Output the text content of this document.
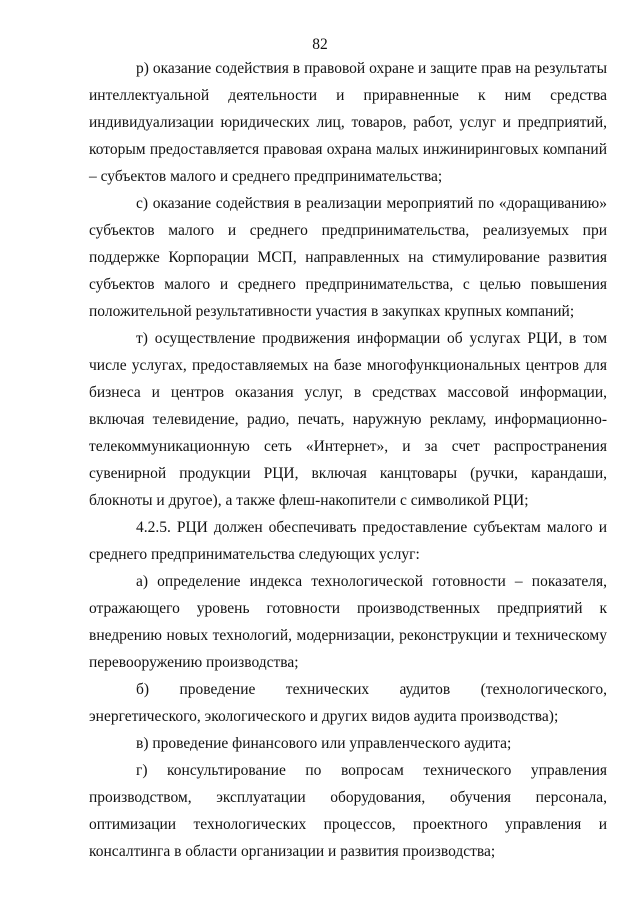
82

р) оказание содействия в правовой охране и защите прав на результаты интеллектуальной деятельности и приравненные к ним средства индивидуализации юридических лиц, товаров, работ, услуг и предприятий, которым предоставляется правовая охрана малых инжиниринговых компаний – субъектов малого и среднего предпринимательства;

с) оказание содействия в реализации мероприятий по «доращиванию» субъектов малого и среднего предпринимательства, реализуемых при поддержке Корпорации МСП, направленных на стимулирование развития субъектов малого и среднего предпринимательства, с целью повышения положительной результативности участия в закупках крупных компаний;

т) осуществление продвижения информации об услугах РЦИ, в том числе услугах, предоставляемых на базе многофункциональных центров для бизнеса и центров оказания услуг, в средствах массовой информации, включая телевидение, радио, печать, наружную рекламу, информационно-телекоммуникационную сеть «Интернет», и за счет распространения сувенирной продукции РЦИ, включая канцтовары (ручки, карандаши, блокноты и другое), а также флеш-накопители с символикой РЦИ;

4.2.5. РЦИ должен обеспечивать предоставление субъектам малого и среднего предпринимательства следующих услуг:

а) определение индекса технологической готовности – показателя, отражающего уровень готовности производственных предприятий к внедрению новых технологий, модернизации, реконструкции и техническому перевооружению производства;

б) проведение технических аудитов (технологического, энергетического, экологического и других видов аудита производства);

в) проведение финансового или управленческого аудита;

г) консультирование по вопросам технического управления производством, эксплуатации оборудования, обучения персонала, оптимизации технологических процессов, проектного управления и консалтинга в области организации и развития производства;
